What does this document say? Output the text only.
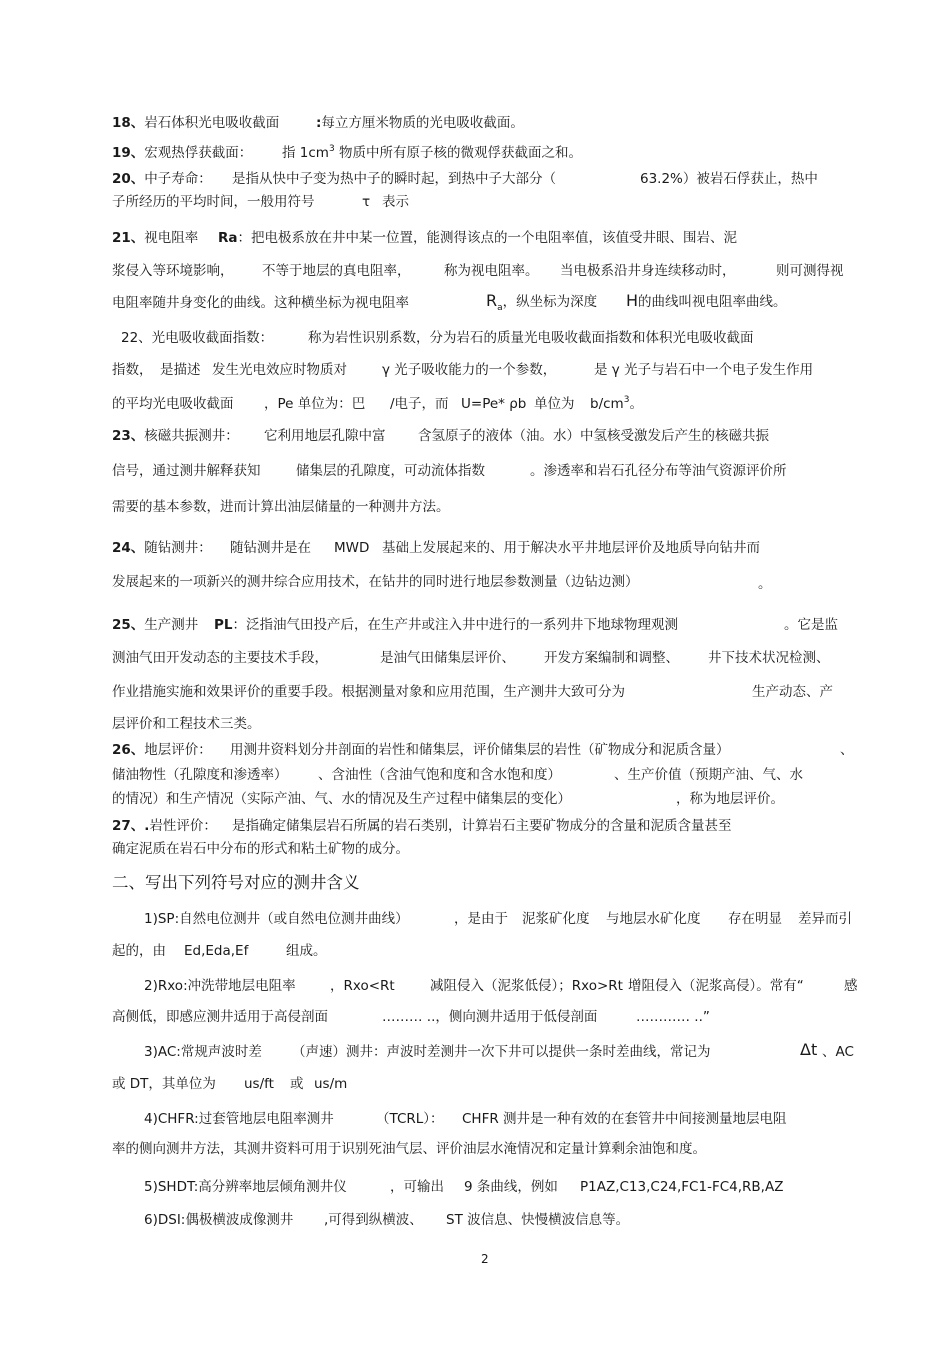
18、岩石体积光电吸收截面	:每立方厘米物质的光电吸收截面。
19、宏观热俘获截面： 指 $1cm^3$ 物质中所有原子核的微观俘获截面之和。
20、中子寿命： 是指从快中子变为热中子的瞬时起，到热中子大部分（	63.2%）被岩石俘获止，热中
子所经历的平均时间，一般用符号	τ 表示
21、视电阻率 Ra：把电极系放在井中某一位置，能测得该点的一个电阻率值，该值受井眼、围岩、泥
浆侵入等环境影响， 不等于地层的真电阻率， 称为视电阻率。 当电极系沿井身连续移动时，	则可测得视
电阻率随井身变化的曲线。这种横坐标为视电阻率	$R_a$，纵坐标为深度 H的曲线叫视电阻率曲线。
22、光电吸收截面指数：	称为岩性识别系数，分为岩石的质量光电吸收截面指数和体积光电吸收截面
指数， 是描述 发生光电效应时物质对	γ 光子吸收能力的一个参数，	是 γ 光子与岩石中一个电子发生作用
的平均光电吸收截面 ，Pe 单位为：巴 /电子，而 U=Pe* ρb 单位为 $b/cm^3$。
23、核磁共振测井： 它利用地层孔隙中富 含氢原子的液体（油。水）中氢核受激发后产生的核磁共振
信号，通过测井解释获知	储集层的孔隙度，可动流体指数	。渗透率和岩石孔径分布等油气资源评价所
需要的基本参数，进而计算出油层储量的一种测井方法。
24、随钻测井： 随钻测井是在 MWD 基础上发展起来的、用于解决水平井地层评价及地质导向钻井而
发展起来的一项新兴的测井综合应用技术，在钻井的同时进行地层参数测量（边钻边测）	。
25、生产测井 PL：泛指油气田投产后，在生产井或注入井中进行的一系列井下地球物理观测	。它是监
测油气田开发动态的主要技术手段，	是油气田储集层评价、 开发方案编制和调整、 井下技术状况检测、
作业措施实施和效果评价的重要手段。根据测量对象和应用范围，生产测井大致可分为	生产动态、产
层评价和工程技术三类。
26、地层评价： 用测井资料划分井剖面的岩性和储集层，评价储集层的岩性（矿物成分和泥质含量）	、
储油物性（孔隙度和渗透率） 、含油性（含油气饱和度和含水饱和度）	、生产价值（预期产油、气、水
的情况）和生产情况（实际产油、气、水的情况及生产过程中储集层的变化）	，称为地层评价。
27、.岩性评价： 是指确定储集层岩石所属的岩石类别，计算岩石主要矿物成分的含量和泥质含量甚至
确定泥质在岩石中分布的形式和粘土矿物的成分。
二、写出下列符号对应的测井含义
1)SP:自然电位测井（或自然电位测井曲线）	，是由于 泥浆矿化度 与地层水矿化度 存在明显 差异而引
起的，由 Ed,Eda,Ef	组成。
2)Rxo:冲洗带地层电阻率	，Rxo<Rt	减阻侵入（泥浆低侵）；Rxo>Rt 增阻侵入（泥浆高侵）。常有“	感
高侧低，即感应测井适用于高侵剖面	……… ..，侧向测井适用于低侵剖面	………… ..”
3)AC:常规声波时差 （声速）测井：声波时差测井一次下井可以提供一条时差曲线，常记为	Δt 、AC
或 DT，其单位为 us/ft 或 us/m
4)CHFR:过套管地层电阻率测井	（TCRL）： CHFR 测井是一种有效的在套管井中间接测量地层电阻
率的侧向测井方法，其测井资料可用于识别死油气层、评价油层水淹情况和定量计算剩余油饱和度。
5)SHDT:高分辨率地层倾角测井仪	，可输出 9 条曲线，例如 P1AZ,C13,C24,FC1-FC4,RB,AZ
6)DSI:偶极横波成像测井 ,可得到纵横波、 ST 波信息、快慢横波信息等。
2
